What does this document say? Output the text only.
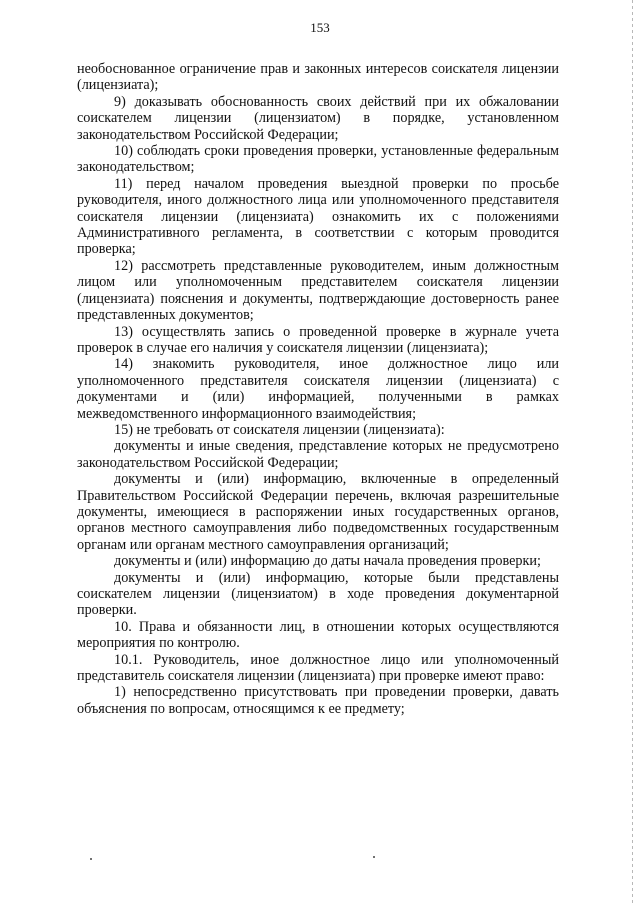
153

необоснованное ограничение прав и законных интересов соискателя лицензии (лицензиата);

9) доказывать обоснованность своих действий при их обжаловании соискателем лицензии (лицензиатом) в порядке, установленном законодательством Российской Федерации;

10) соблюдать сроки проведения проверки, установленные федеральным законодательством;

11) перед началом проведения выездной проверки по просьбе руководителя, иного должностного лица или уполномоченного представителя соискателя лицензии (лицензиата) ознакомить их с положениями Административного регламента, в соответствии с которым проводится проверка;

12) рассмотреть представленные руководителем, иным должностным лицом или уполномоченным представителем соискателя лицензии (лицензиата) пояснения и документы, подтверждающие достоверность ранее представленных документов;

13) осуществлять запись о проведенной проверке в журнале учета проверок в случае его наличия у соискателя лицензии (лицензиата);

14) знакомить руководителя, иное должностное лицо или уполномоченного представителя соискателя лицензии (лицензиата) с документами и (или) информацией, полученными в рамках межведомственного информационного взаимодействия;

15) не требовать от соискателя лицензии (лицензиата):

документы и иные сведения, представление которых не предусмотрено законодательством Российской Федерации;

документы и (или) информацию, включенные в определенный Правительством Российской Федерации перечень, включая разрешительные документы, имеющиеся в распоряжении иных государственных органов, органов местного самоуправления либо подведомственных государственным органам или органам местного самоуправления организаций;

документы и (или) информацию до даты начала проведения проверки;

документы и (или) информацию, которые были представлены соискателем лицензии (лицензиатом) в ходе проведения документарной проверки.

10. Права и обязанности лиц, в отношении которых осуществляются мероприятия по контролю.

10.1. Руководитель, иное должностное лицо или уполномоченный представитель соискателя лицензии (лицензиата) при проверке имеют право:

1) непосредственно присутствовать при проведении проверки, давать объяснения по вопросам, относящимся к ее предмету;
